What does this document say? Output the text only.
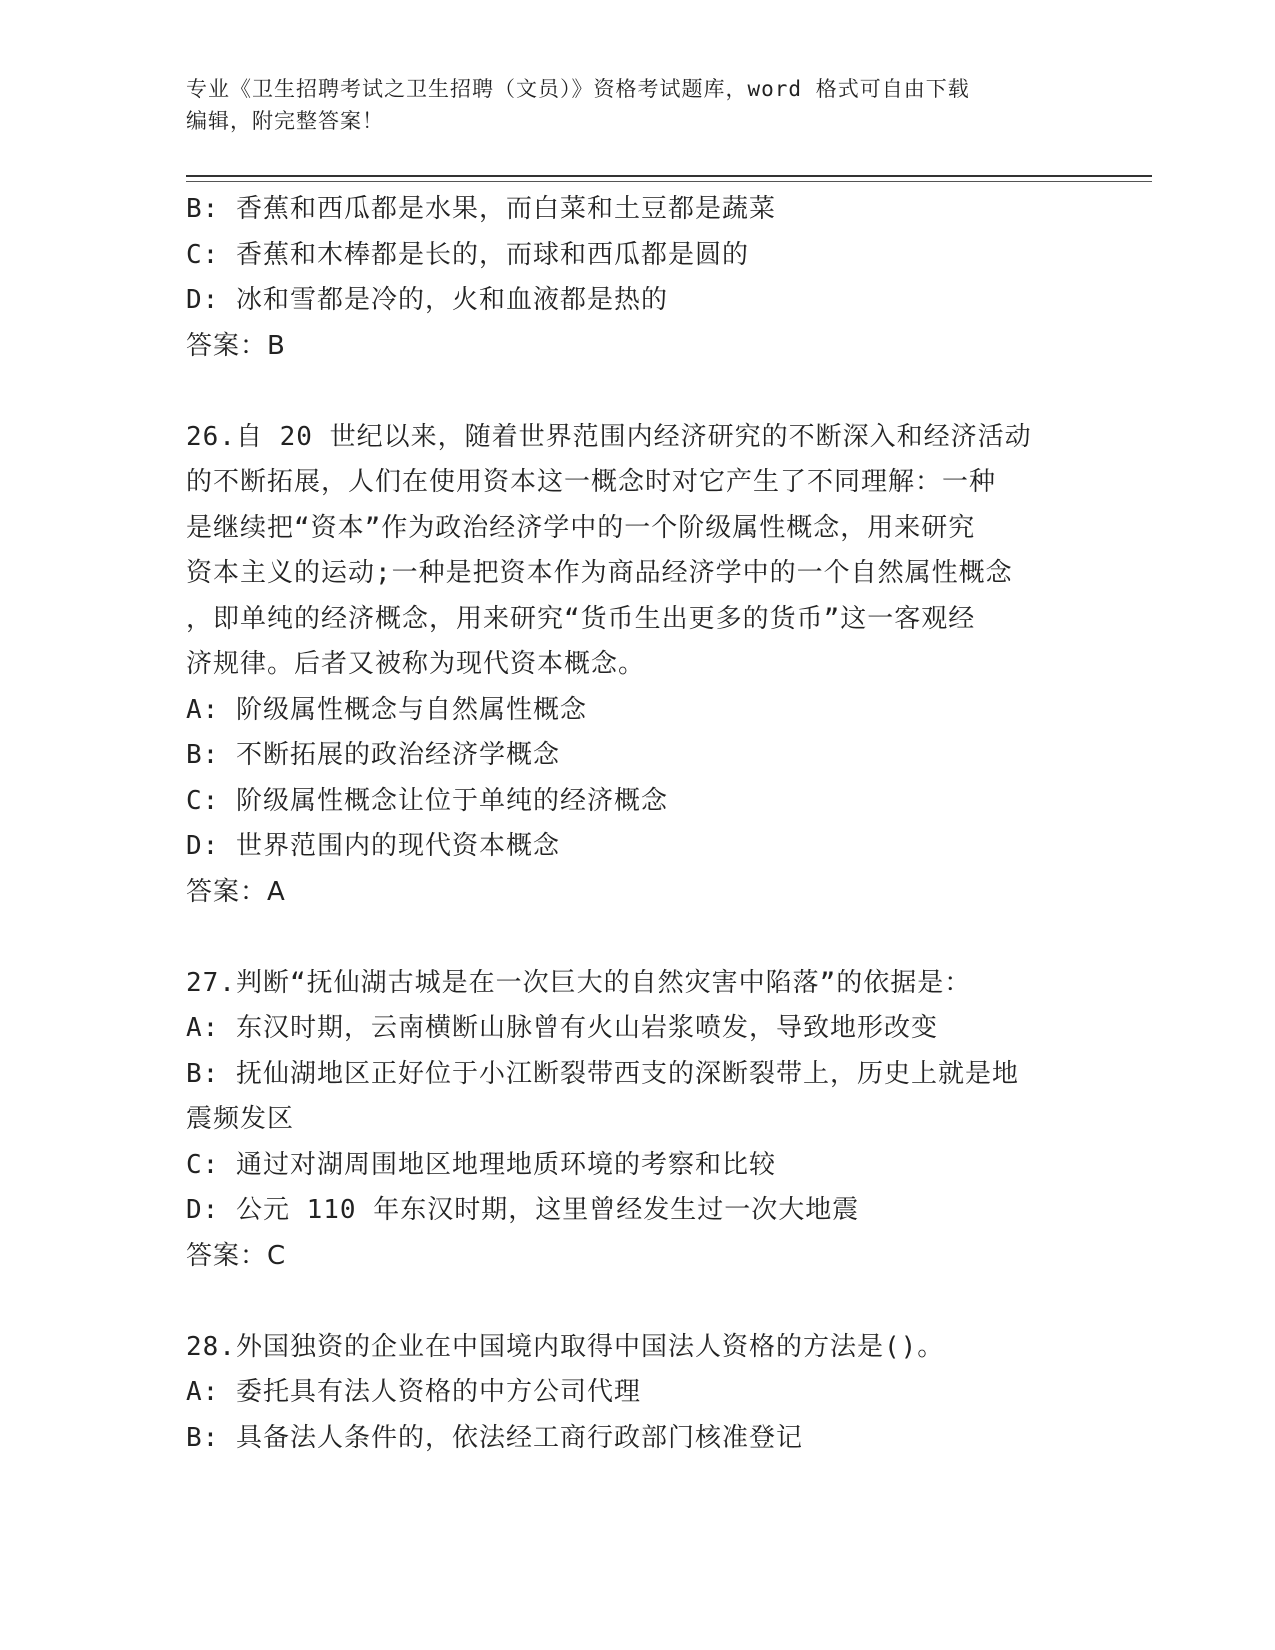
专业《卫生招聘考试之卫生招聘（文员）》资格考试题库，word 格式可自由下载
编辑，附完整答案！
B: 香蕉和西瓜都是水果，而白菜和土豆都是蔬菜
C: 香蕉和木棒都是长的，而球和西瓜都是圆的
D: 冰和雪都是冷的，火和血液都是热的
答案：B
26.自 20 世纪以来，随着世界范围内经济研究的不断深入和经济活动
的不断拓展，人们在使用资本这一概念时对它产生了不同理解：一种
是继续把“资本”作为政治经济学中的一个阶级属性概念，用来研究
资本主义的运动;一种是把资本作为商品经济学中的一个自然属性概念
，即单纯的经济概念，用来研究“货币生出更多的货币”这一客观经
济规律。后者又被称为现代资本概念。
A: 阶级属性概念与自然属性概念
B: 不断拓展的政治经济学概念
C: 阶级属性概念让位于单纯的经济概念
D: 世界范围内的现代资本概念
答案：A
27.判断“抚仙湖古城是在一次巨大的自然灾害中陷落”的依据是：
A: 东汉时期，云南横断山脉曾有火山岩浆喷发，导致地形改变
B: 抚仙湖地区正好位于小江断裂带西支的深断裂带上，历史上就是地
震频发区
C: 通过对湖周围地区地理地质环境的考察和比较
D: 公元 110 年东汉时期，这里曾经发生过一次大地震
答案：C
28.外国独资的企业在中国境内取得中国法人资格的方法是()。
A: 委托具有法人资格的中方公司代理
B: 具备法人条件的，依法经工商行政部门核准登记
